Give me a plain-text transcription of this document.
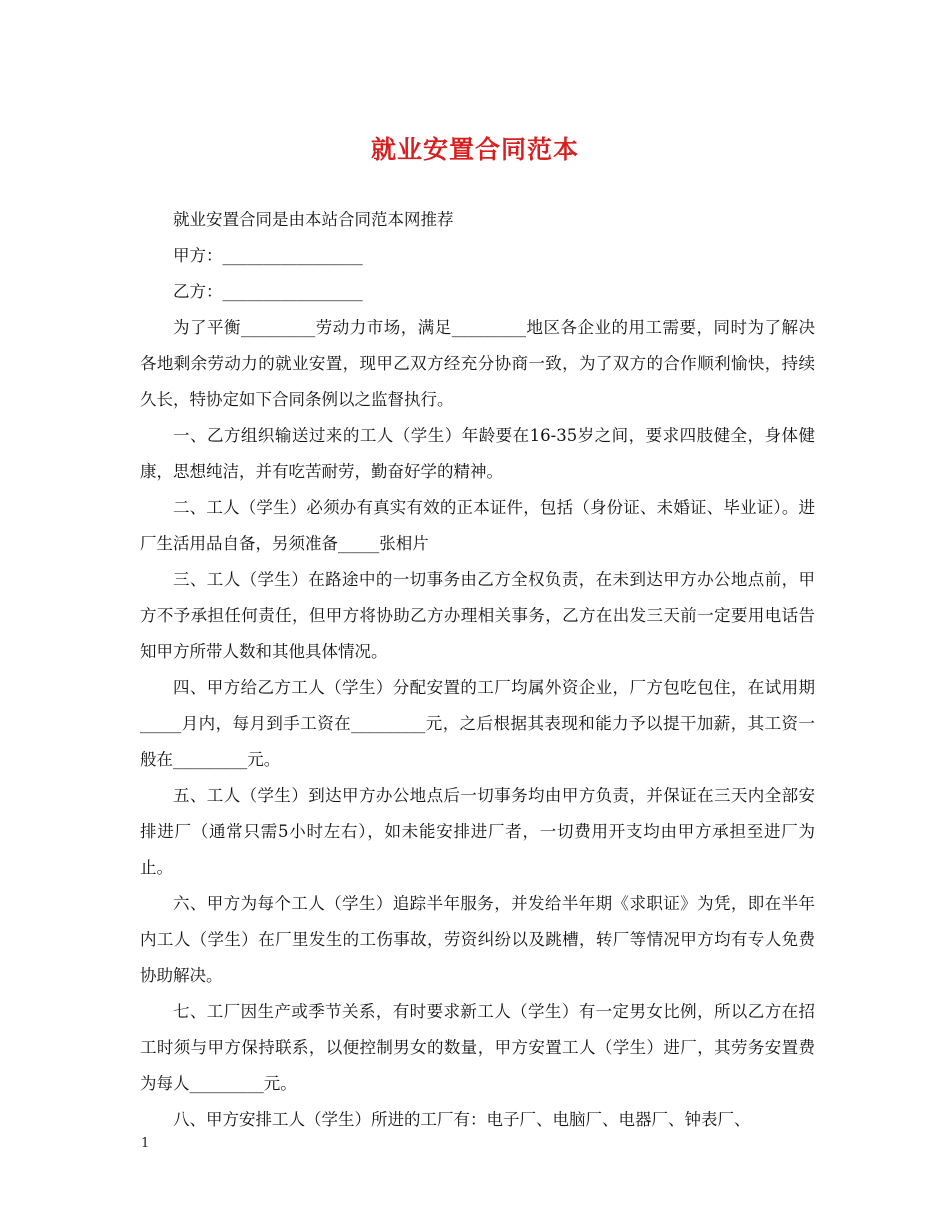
就业安置合同范本

就业安置合同是由本站合同范本网推荐

甲方：_________________

乙方：_________________

为了平衡_________劳动力市场，满足_________地区各企业的用工需要，同时为了解决各地剩余劳动力的就业安置，现甲乙双方经充分协商一致，为了双方的合作顺利愉快，持续久长，特协定如下合同条例以之监督执行。

一、乙方组织输送过来的工人（学生）年龄要在16-35岁之间，要求四肢健全，身体健康，思想纯洁，并有吃苦耐劳，勤奋好学的精神。

二、工人（学生）必须办有真实有效的正本证件，包括（身份证、未婚证、毕业证）。进厂生活用品自备，另须准备_____张相片

三、工人（学生）在路途中的一切事务由乙方全权负责，在未到达甲方办公地点前，甲方不予承担任何责任，但甲方将协助乙方办理相关事务，乙方在出发三天前一定要用电话告知甲方所带人数和其他具体情况。

四、甲方给乙方工人（学生）分配安置的工厂均属外资企业，厂方包吃包住，在试用期_____月内，每月到手工资在_________元，之后根据其表现和能力予以提干加薪，其工资一般在_________元。

五、工人（学生）到达甲方办公地点后一切事务均由甲方负责，并保证在三天内全部安排进厂（通常只需5小时左右），如未能安排进厂者，一切费用开支均由甲方承担至进厂为止。

六、甲方为每个工人（学生）追踪半年服务，并发给半年期《求职证》为凭，即在半年内工人（学生）在厂里发生的工伤事故，劳资纠纷以及跳槽，转厂等情况甲方均有专人免费协助解决。

七、工厂因生产或季节关系，有时要求新工人（学生）有一定男女比例，所以乙方在招工时须与甲方保持联系，以便控制男女的数量，甲方安置工人（学生）进厂，其劳务安置费为每人_________元。

八、甲方安排工人（学生）所进的工厂有：电子厂、电脑厂、电器厂、钟表厂、

1
